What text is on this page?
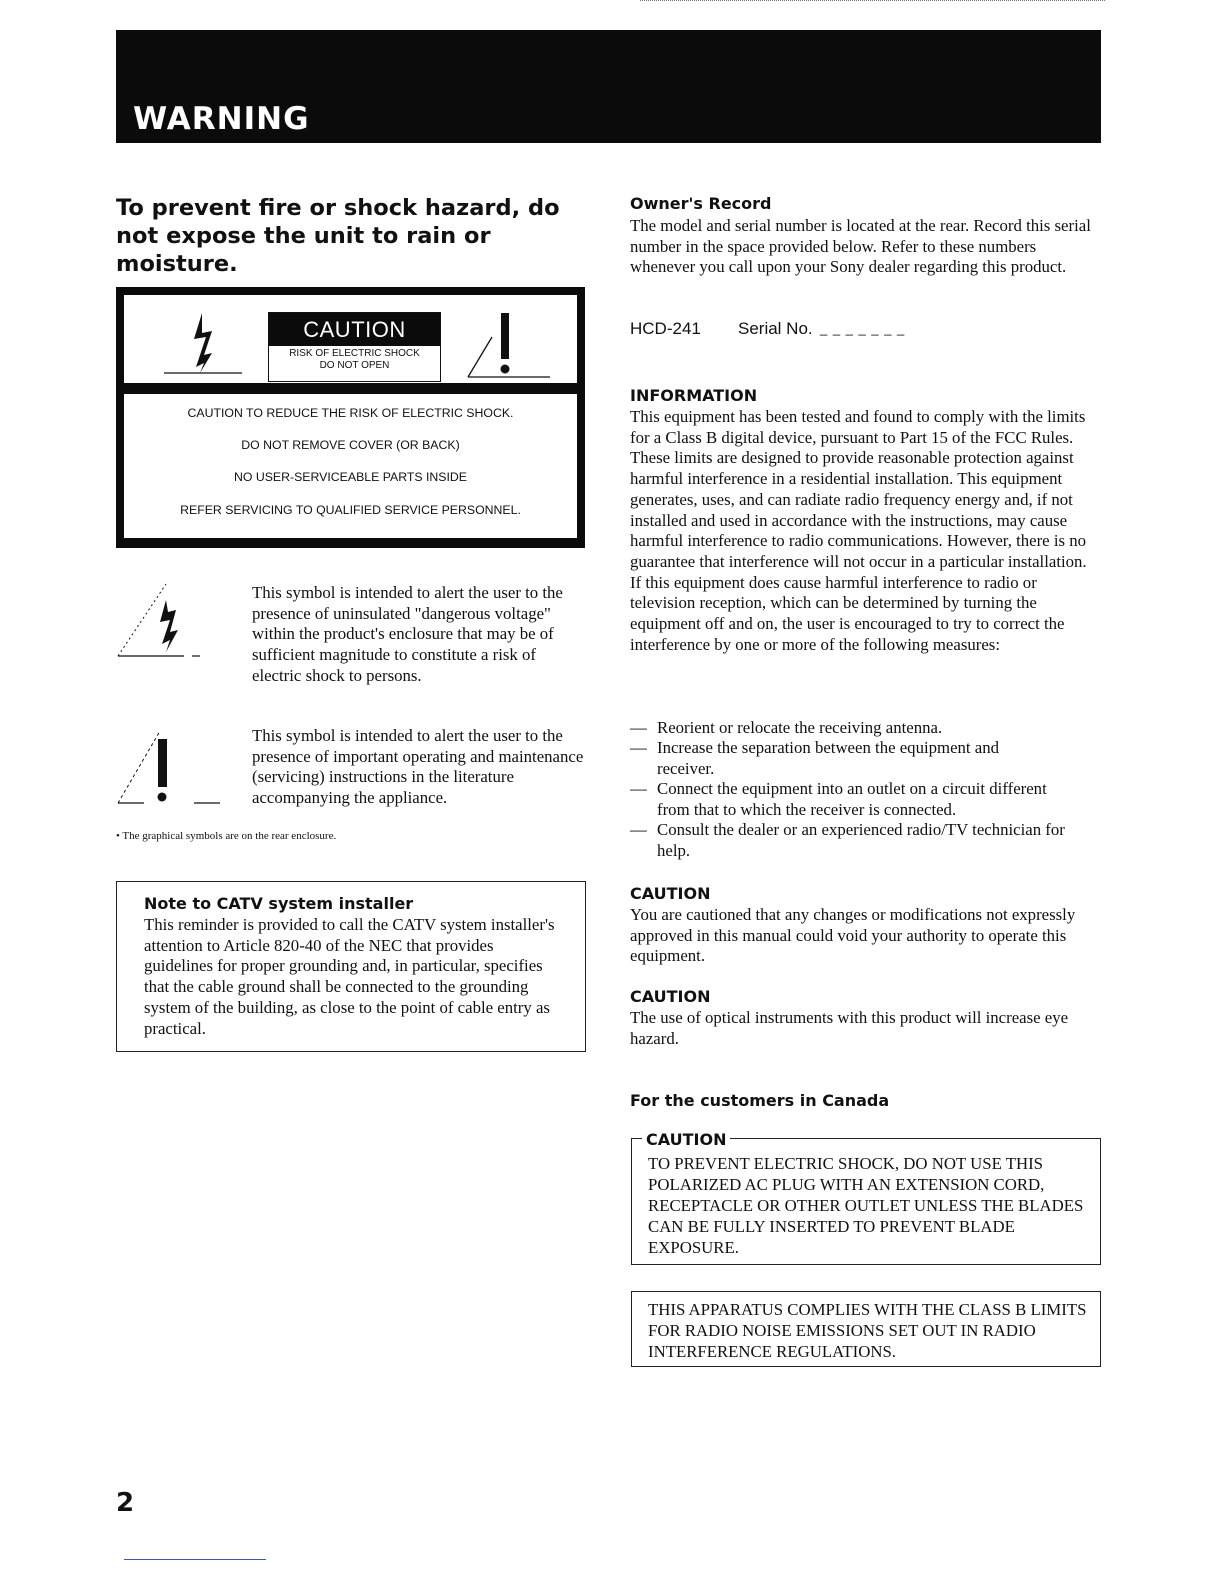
WARNING
To prevent fire or shock hazard, do not expose the unit to rain or moisture.
CAUTION
RISK OF ELECTRIC SHOCK
DO NOT OPEN
CAUTION TO REDUCE THE RISK OF ELECTRIC SHOCK.
DO NOT REMOVE COVER (OR BACK)
NO USER-SERVICEABLE PARTS INSIDE
REFER SERVICING TO QUALIFIED SERVICE PERSONNEL.
This symbol is intended to alert the user to the presence of uninsulated "dangerous voltage" within the product's enclosure that may be of sufficient magnitude to constitute a risk of electric shock to persons.
This symbol is intended to alert the user to the presence of important operating and maintenance (servicing) instructions in the literature accompanying the appliance.
• The graphical symbols are on the rear enclosure.
Note to CATV system installer
This reminder is provided to call the CATV system installer's attention to Article 820-40 of the NEC that provides guidelines for proper grounding and, in particular, specifies that the cable ground shall be connected to the grounding system of the building, as close to the point of cable entry as practical.
Owner's Record
The model and serial number is located at the rear. Record this serial number in the space provided below. Refer to these numbers whenever you call upon your Sony dealer regarding this product.
HCD-241 Serial No. _ _ _ _ _ _ _
INFORMATION
This equipment has been tested and found to comply with the limits for a Class B digital device, pursuant to Part 15 of the FCC Rules. These limits are designed to provide reasonable protection against harmful interference in a residential installation. This equipment generates, uses, and can radiate radio frequency energy and, if not installed and used in accordance with the instructions, may cause harmful interference to radio communications. However, there is no guarantee that interference will not occur in a particular installation. If this equipment does cause harmful interference to radio or television reception, which can be determined by turning the equipment off and on, the user is encouraged to try to correct the interference by one or more of the following measures:
— Reorient or relocate the receiving antenna.
— Increase the separation between the equipment and receiver.
— Connect the equipment into an outlet on a circuit different from that to which the receiver is connected.
— Consult the dealer or an experienced radio/TV technician for help.
CAUTION
You are cautioned that any changes or modifications not expressly approved in this manual could void your authority to operate this equipment.
CAUTION
The use of optical instruments with this product will increase eye hazard.
For the customers in Canada
CAUTION
TO PREVENT ELECTRIC SHOCK, DO NOT USE THIS POLARIZED AC PLUG WITH AN EXTENSION CORD, RECEPTACLE OR OTHER OUTLET UNLESS THE BLADES CAN BE FULLY INSERTED TO PREVENT BLADE EXPOSURE.
THIS APPARATUS COMPLIES WITH THE CLASS B LIMITS FOR RADIO NOISE EMISSIONS SET OUT IN RADIO INTERFERENCE REGULATIONS.
2
